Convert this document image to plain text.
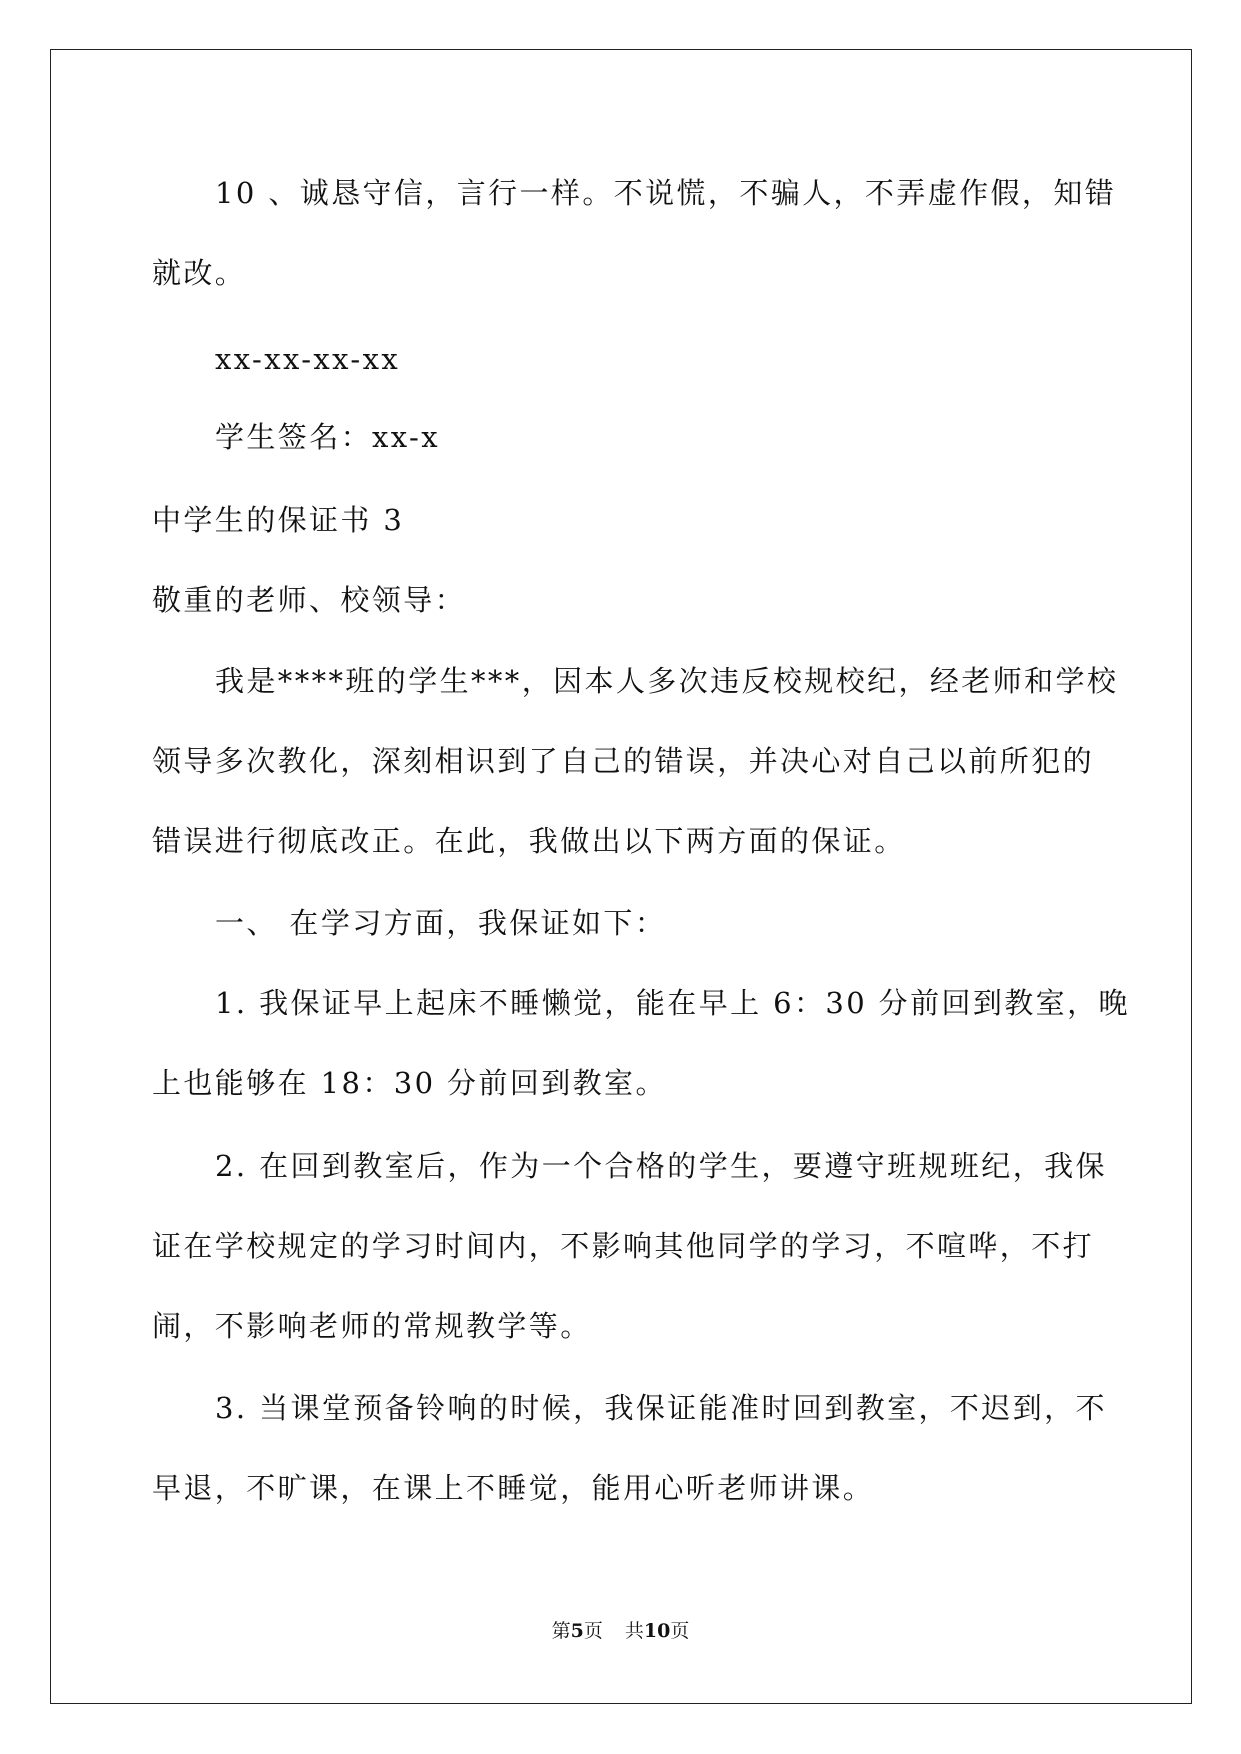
10 、诚恳守信，言行一样。不说慌，不骗人，不弄虚作假，知错
就改。
xx-xx-xx-xx
学生签名：xx-x
中学生的保证书 3
敬重的老师、校领导：
我是****班的学生***，因本人多次违反校规校纪，经老师和学校
领导多次教化，深刻相识到了自己的错误，并决心对自己以前所犯的
错误进行彻底改正。在此，我做出以下两方面的保证。
一、 在学习方面，我保证如下：
1. 我保证早上起床不睡懒觉，能在早上 6：30 分前回到教室，晚
上也能够在 18：30 分前回到教室。
2. 在回到教室后，作为一个合格的学生，要遵守班规班纪，我保
证在学校规定的学习时间内，不影响其他同学的学习，不喧哗，不打
闹，不影响老师的常规教学等。
3. 当课堂预备铃响的时候，我保证能准时回到教室，不迟到，不
早退，不旷课，在课上不睡觉，能用心听老师讲课。
第5页 共10页
